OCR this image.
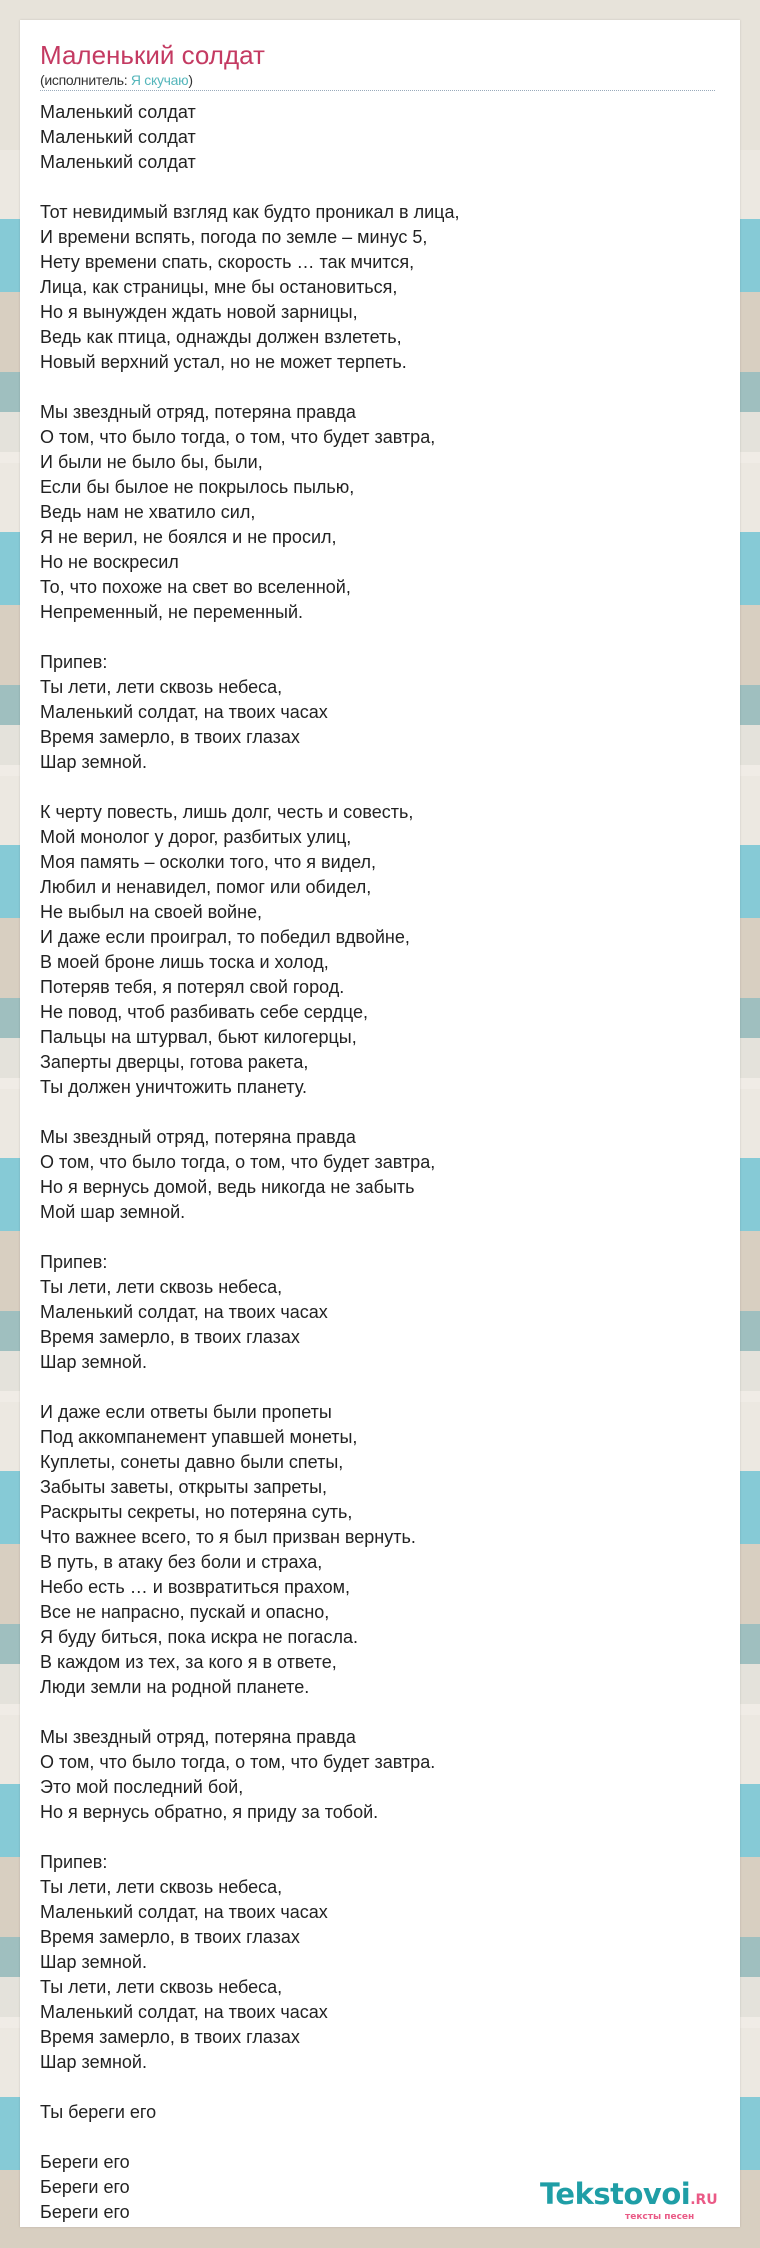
Маленький солдат
(исполнитель: Я скучаю)
Маленький солдат
Маленький солдат
Маленький солдат
Тот невидимый взгляд как будто проникал в лица,
И времени вспять, погода по земле – минус 5,
Нету времени спать, скорость … так мчится,
Лица, как страницы, мне бы остановиться,
Но я вынужден ждать новой зарницы,
Ведь как птица, однажды должен взлететь,
Новый верхний устал, но не может терпеть.
Мы звездный отряд, потеряна правда
О том, что было тогда, о том, что будет завтра,
И были не было бы, были,
Если бы былое не покрылось пылью,
Ведь нам не хватило сил,
Я не верил, не боялся и не просил,
Но не воскресил
То, что похоже на свет во вселенной,
Непременный, не переменный.
Припев:
Ты лети, лети сквозь небеса,
Маленький солдат, на твоих часах
Время замерло, в твоих глазах
Шар земной.
К черту повесть, лишь долг, честь и совесть,
Мой монолог у дорог, разбитых улиц,
Моя память – осколки того, что я видел,
Любил и ненавидел, помог или обидел,
Не выбыл на своей войне,
И даже если проиграл, то победил вдвойне,
В моей броне лишь тоска и холод,
Потеряв тебя, я потерял свой город.
Не повод, чтоб разбивать себе сердце,
Пальцы на штурвал, бьют килогерцы,
Заперты дверцы, готова ракета,
Ты должен уничтожить планету.
Мы звездный отряд, потеряна правда
О том, что было тогда, о том, что будет завтра,
Но я вернусь домой, ведь никогда не забыть
Мой шар земной.
Припев:
Ты лети, лети сквозь небеса,
Маленький солдат, на твоих часах
Время замерло, в твоих глазах
Шар земной.
И даже если ответы были пропеты
Под аккомпанемент упавшей монеты,
Куплеты, сонеты давно были спеты,
Забыты заветы, открыты запреты,
Раскрыты секреты, но потеряна суть,
Что важнее всего, то я был призван вернуть.
В путь, в атаку без боли и страха,
Небо есть … и возвратиться прахом,
Все не напрасно, пускай и опасно,
Я буду биться, пока искра не погасла.
В каждом из тех, за кого я в ответе,
Люди земли на родной планете.
Мы звездный отряд, потеряна правда
О том, что было тогда, о том, что будет завтра.
Это мой последний бой,
Но я вернусь обратно, я приду за тобой.
Припев:
Ты лети, лети сквозь небеса,
Маленький солдат, на твоих часах
Время замерло, в твоих глазах
Шар земной.
Ты лети, лети сквозь небеса,
Маленький солдат, на твоих часах
Время замерло, в твоих глазах
Шар земной.
Ты береги его
Береги его
Береги его
Береги его
Tekstovoi.RU
тексты песен
